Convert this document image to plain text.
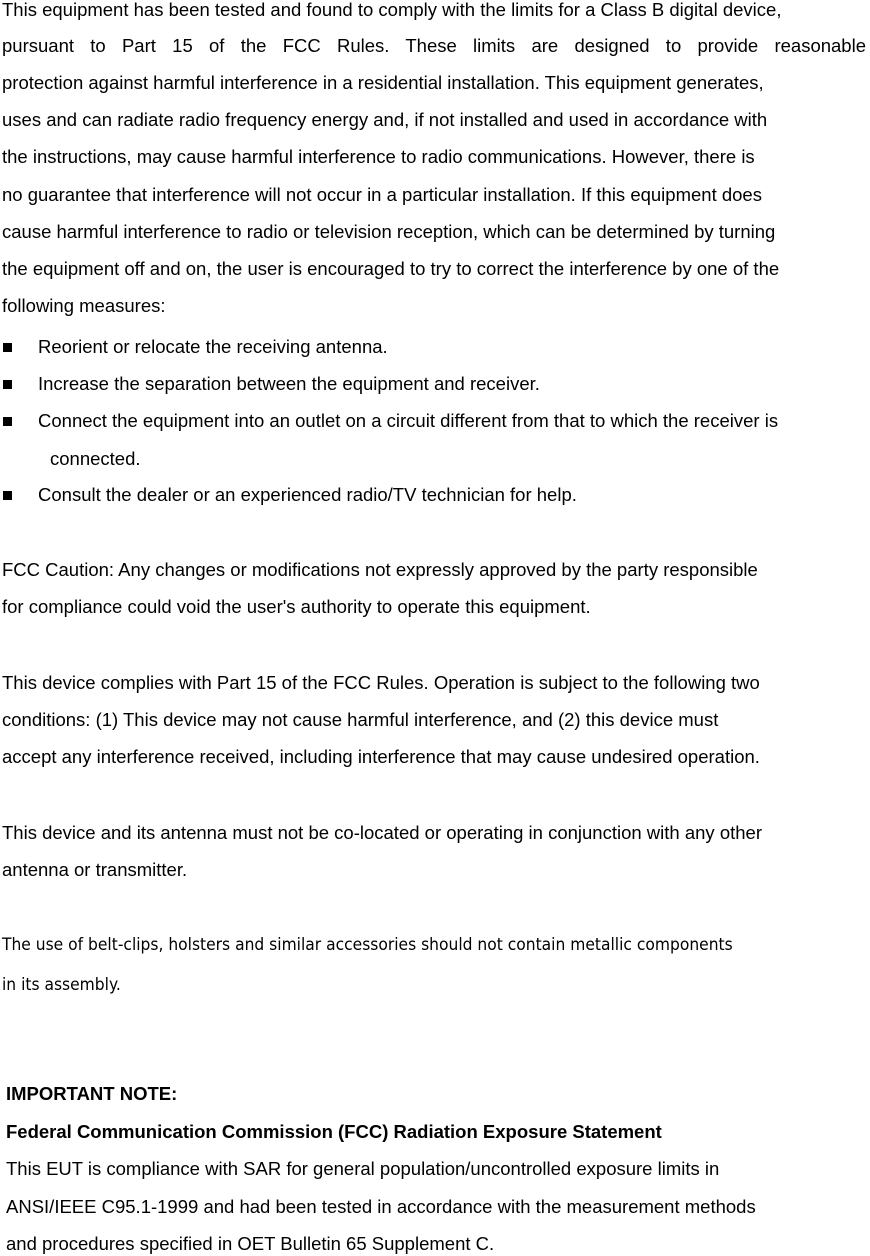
This equipment has been tested and found to comply with the limits for a Class B digital device,
pursuant to Part 15 of the FCC Rules. These limits are designed to provide reasonable
protection against harmful interference in a residential installation. This equipment generates,
uses and can radiate radio frequency energy and, if not installed and used in accordance with
the instructions, may cause harmful interference to radio communications. However, there is
no guarantee that interference will not occur in a particular installation. If this equipment does
cause harmful interference to radio or television reception, which can be determined by turning
the equipment off and on, the user is encouraged to try to correct the interference by one of the
following measures:
Reorient or relocate the receiving antenna.
Increase the separation between the equipment and receiver.
Connect the equipment into an outlet on a circuit different from that to which the receiver is
connected.
Consult the dealer or an experienced radio/TV technician for help.
FCC Caution: Any changes or modifications not expressly approved by the party responsible
for compliance could void the user's authority to operate this equipment.
This device complies with Part 15 of the FCC Rules. Operation is subject to the following two
conditions: (1) This device may not cause harmful interference, and (2) this device must
accept any interference received, including interference that may cause undesired operation.
This device and its antenna must not be co-located or operating in conjunction with any other
antenna or transmitter.
The use of belt-clips, holsters and similar accessories should not contain metallic components
in its assembly.
IMPORTANT NOTE:
Federal Communication Commission (FCC) Radiation Exposure Statement
This EUT is compliance with SAR for general population/uncontrolled exposure limits in
ANSI/IEEE C95.1-1999 and had been tested in accordance with the measurement methods
and procedures specified in OET Bulletin 65 Supplement C.
